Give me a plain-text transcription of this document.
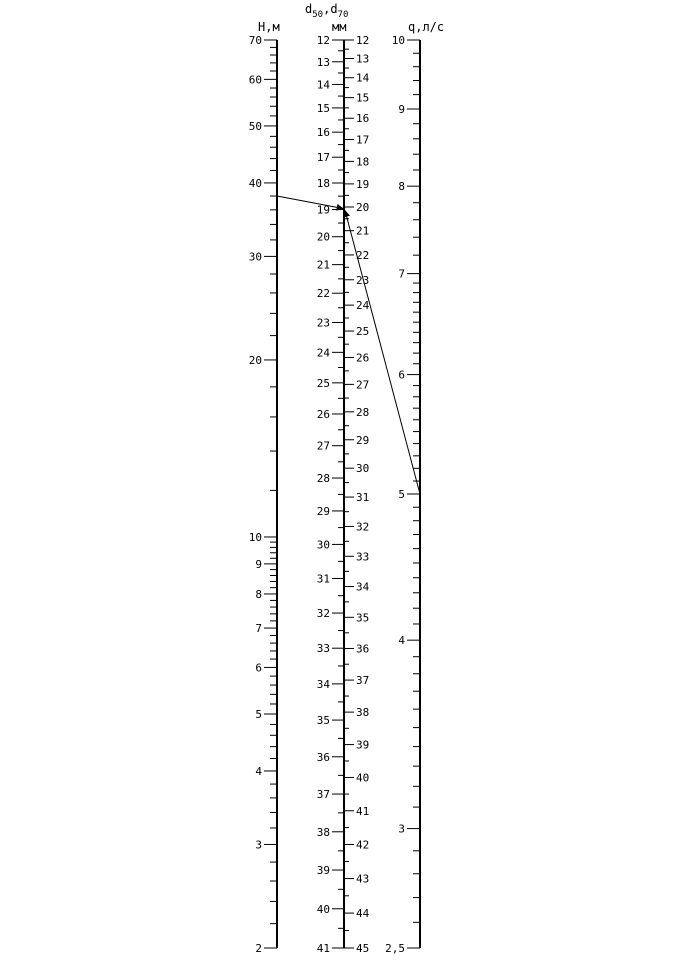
H,м
$d_{50},d_{70}$
мм	q,л/с
2
3
4
5
6
7
8
9
10
20
30
40
50
60
70	12
13
14
15
16
17
18
19
20
21
22
23
24
25
26
27
28
29
30
31
32
33
34
35
36
37
38
39
40
41
12
13
14
15
16
17
18
19
20
21
22
23
24
25
26
27
28
29
30
31
32
33
34
35
36
37
38
39
40
41
42
43
44
45 2,5
3
4
5
6
7
8
9
10
